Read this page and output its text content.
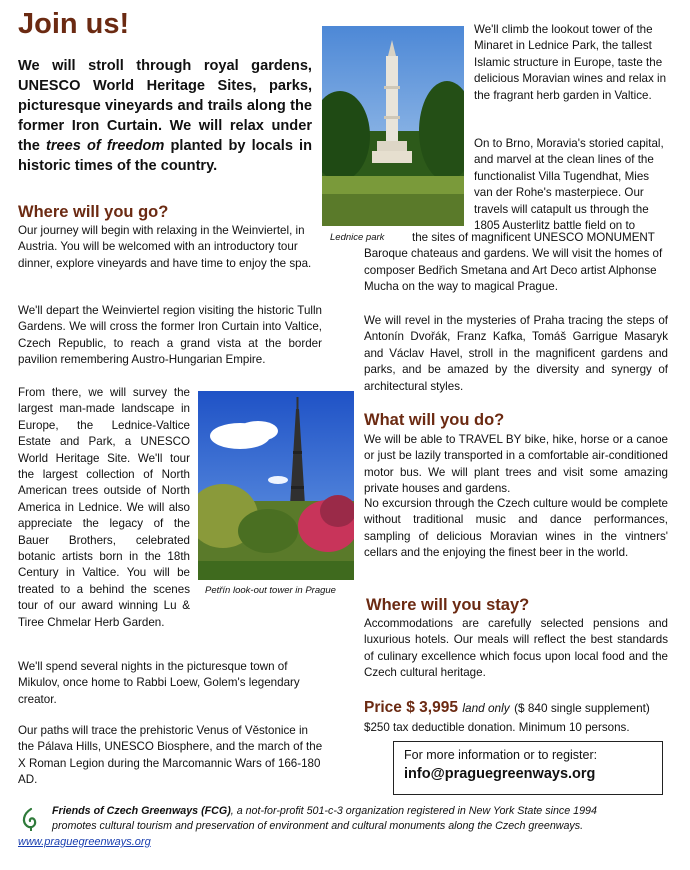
Join us!
We will stroll through royal gardens, UNESCO World Heritage Sites, parks, picturesque vineyards and trails along the former Iron Curtain. We will relax under the trees of freedom planted by locals in historic times of the country.
Where will you go?
Our journey will begin with relaxing in the Weinviertel, in Austria. You will be welcomed with an introductory tour dinner, explore vineyards and have time to enjoy the spa.
We'll depart the Weinviertel region visiting the historic Tulln Gardens. We will cross the former Iron Curtain into Valtice, Czech Republic, to reach a grand vista at the border pavilion remembering Austro-Hungarian Empire.
From there, we will survey the largest man-made landscape in Europe, the Lednice-Valtice Estate and Park, a UNESCO World Heritage Site. We'll tour the largest collection of North American trees outside of North America in Lednice. We will also appreciate the legacy of the Bauer Brothers, celebrated botanic artists born in the 18th Century in Valtice. You will be treated to a behind the scenes tour of our award winning Lu & Tiree Chmelar Herb Garden.
We'll spend several nights in the picturesque town of Mikulov, once home to Rabbi Loew, Golem's legendary creator.
Our paths will trace the prehistoric Venus of Věstonice in the Pálava Hills, UNESCO Biosphere, and the march of the X Roman Legion during the Marcomannic Wars of 166-180 AD.
Petřín look-out tower in Prague
Lednice park
We'll climb the lookout tower of the Minaret in Lednice Park, the tallest Islamic structure in Europe, taste the delicious Moravian wines and relax in the fragrant herb garden in Valtice.
On to Brno, Moravia's storied capital, and marvel at the clean lines of the functionalist Villa Tugendhat, Mies van der Rohe's masterpiece. Our travels will catapult us through the 1805 Austerlitz battle field on to
the sites of magnificent UNESCO MONUMENT Baroque chateaus and gardens. We will visit the homes of composer Bedřich Smetana and Art Deco artist Alphonse Mucha on the way to magical Prague.
We will revel in the mysteries of Praha tracing the steps of Antonín Dvořák, Franz Kafka, Tomáš Garrigue Masaryk and Václav Havel, stroll in the magnificent gardens and parks, and be amazed by the diversity and synergy of architectural styles.
What will you do?
We will be able to TRAVEL BY bike, hike, horse or a canoe or just be lazily transported in a comfortable air-conditioned motor bus. We will plant trees and visit some amazing private houses and gardens.
No excursion through the Czech culture would be complete without traditional music and dance performances, sampling of delicious Moravian wines in the vintners' cellars and the enjoying the finest beer in the world.
Where will you stay?
Accommodations are carefully selected pensions and luxurious hotels. Our meals will reflect the best standards of culinary excellence which focus upon local food and the Czech cultural heritage.
Price $ 3,995 land only ($ 840 single supplement)
$250 tax deductible donation. Minimum 10 persons.
For more information or to register:
info@praguegreenways.org
Friends of Czech Greenways (FCG), a not-for-profit 501-c-3 organization registered in New York State since 1994
promotes cultural tourism and preservation of environment and cultural monuments along the Czech greenways.
www.praguegreenways.org
